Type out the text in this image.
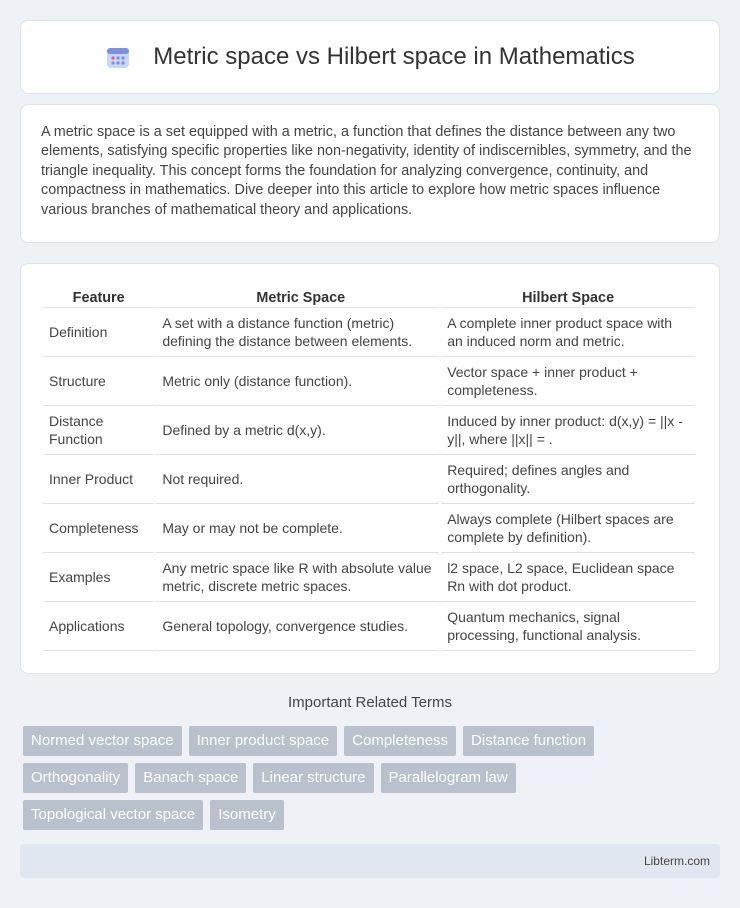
Metric space vs Hilbert space in Mathematics

A metric space is a set equipped with a metric, a function that defines the distance between any two elements, satisfying specific properties like non-negativity, identity of indiscernibles, symmetry, and the triangle inequality. This concept forms the foundation for analyzing convergence, continuity, and compactness in mathematics. Dive deeper into this article to explore how metric spaces influence various branches of mathematical theory and applications.

Feature	Metric Space	Hilbert Space
Definition	A set with a distance function (metric) defining the distance between elements.	A complete inner product space with an induced norm and metric.
Structure	Metric only (distance function).	Vector space + inner product + completeness.
Distance Function	Defined by a metric d(x,y).	Induced by inner product: d(x,y) = ||x - y||, where ||x|| = .
Inner Product	Not required.	Required; defines angles and orthogonality.
Completeness	May or may not be complete.	Always complete (Hilbert spaces are complete by definition).
Examples	Any metric space like R with absolute value metric, discrete metric spaces.	l2 space, L2 space, Euclidean space Rn with dot product.
Applications	General topology, convergence studies.	Quantum mechanics, signal processing, functional analysis.
Important Related Terms
Normed vector space	Inner product space	Completeness	Distance function
Orthogonality	Banach space	Linear structure	Parallelogram law
Topological vector space	Isometry
Libterm.com
